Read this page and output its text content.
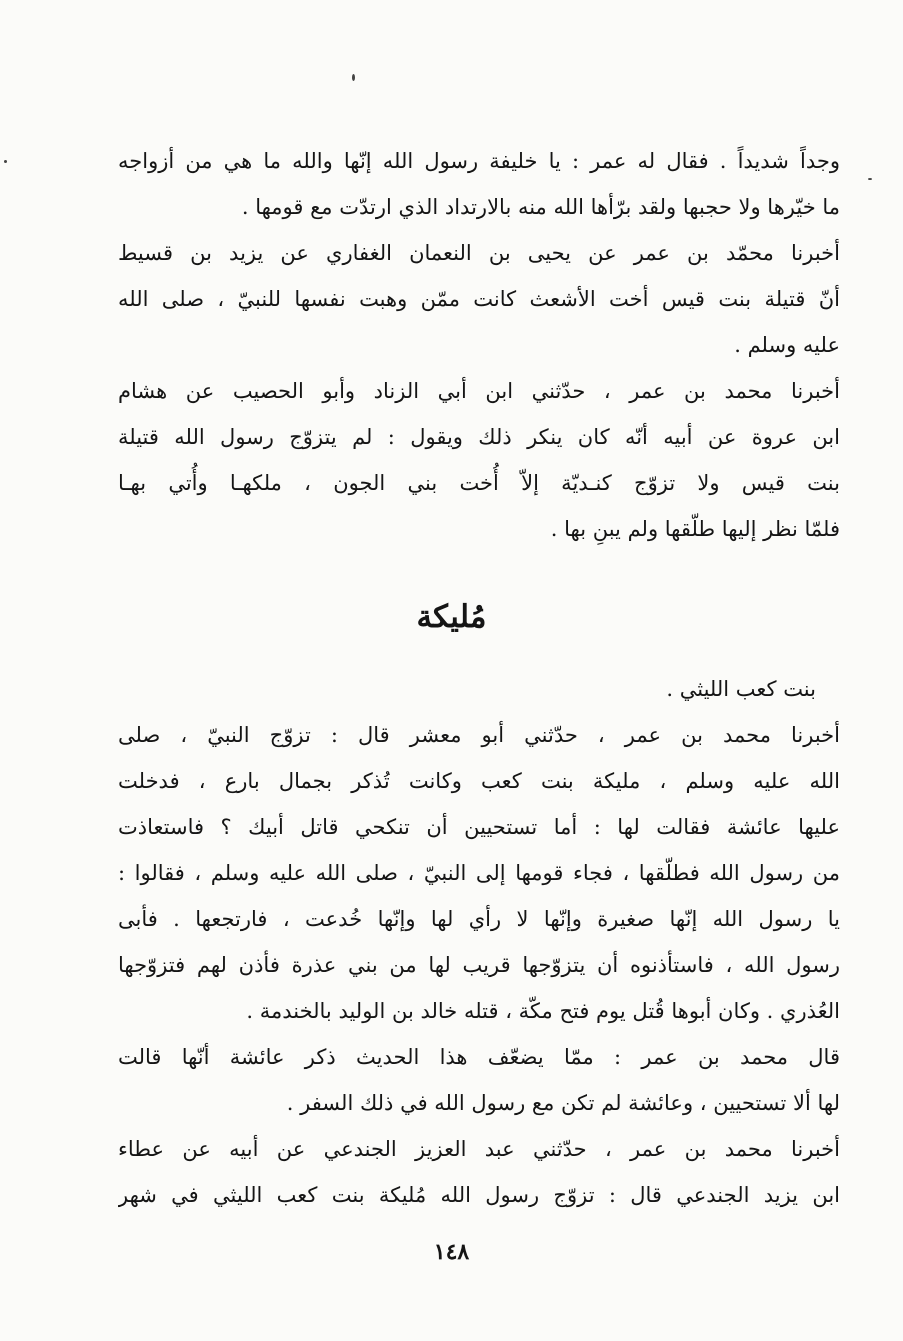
وجداً شديداً . فقال له عمر : يا خليفة رسول الله إنّها والله ما هي من أزواجه
ما خيّرها ولا حجبها ولقد برّأها الله منه بالارتداد الذي ارتدّت مع قومها .
أخبرنا محمّد بن عمر عن يحيى بن النعمان الغفاري عن يزيد بن قسيط
أنّ قتيلة بنت قيس أخت الأشعث كانت ممّن وهبت نفسها للنبيّ ، صلى الله
عليه وسلم .
أخبرنا محمد بن عمر ، حدّثني ابن أبي الزناد وأبو الحصيب عن هشام
ابن عروة عن أبيه أنّه كان ينكر ذلك ويقول : لم يتزوّج رسول الله قتيلة
بنت قيس ولا تزوّج كنـديّة إلاّ أُخت بني الجون ، ملكهـا وأُتي بهـا
فلمّا نظر إليها طلّقها ولم يبنِ بها .
مُليكة
بنت كعب الليثي .
أخبرنا محمد بن عمر ، حدّثني أبو معشر قال : تزوّج النبيّ ، صلى
الله عليه وسلم ، مليكة بنت كعب وكانت تُذكر بجمال بارع ، فدخلت
عليها عائشة فقالت لها : أما تستحيين أن تنكحي قاتل أبيك ؟ فاستعاذت
من رسول الله فطلّقها ، فجاء قومها إلى النبيّ ، صلى الله عليه وسلم ، فقالوا :
يا رسول الله إنّها صغيرة وإنّها لا رأي لها وإنّها خُدعت ، فارتجعها . فأبى
رسول الله ، فاستأذنوه أن يتزوّجها قريب لها من بني عذرة فأذن لهم فتزوّجها
العُذري . وكان أبوها قُتل يوم فتح مكّة ، قتله خالد بن الوليد بالخندمة .
قال محمد بن عمر : ممّا يضعّف هذا الحديث ذكر عائشة أنّها قالت
لها ألا تستحيين ، وعائشة لم تكن مع رسول الله في ذلك السفر .
أخبرنا محمد بن عمر ، حدّثني عبد العزيز الجندعي عن أبيه عن عطاء
ابن يزيد الجندعي قال : تزوّج رسول الله مُليكة بنت كعب الليثي في شهر
١٤٨
